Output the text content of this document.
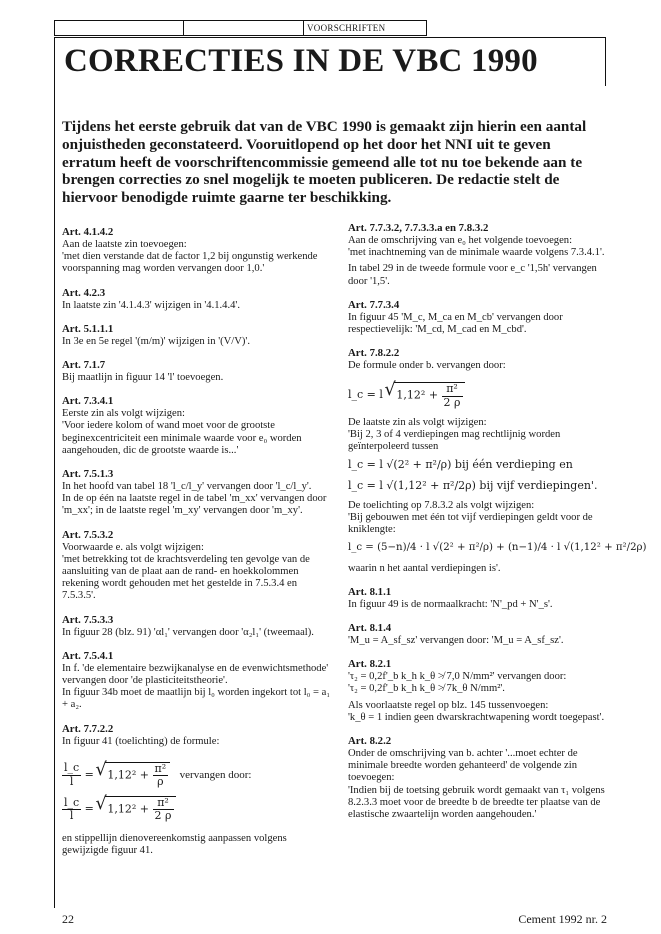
VOORSCHRIFTEN
CORRECTIES IN DE VBC 1990
Tijdens het eerste gebruik dat van de VBC 1990 is gemaakt zijn hierin een aantal onjuistheden geconstateerd. Vooruitlopend op het door het NNI uit te geven erratum heeft de voorschriftencommissie gemeend alle tot nu toe bekende aan te brengen correcties zo snel mogelijk te moeten publiceren. De redactie stelt de hiervoor benodigde ruimte gaarne ter beschikking.
Art. 4.1.4.2

Aan de laatste zin toevoegen:

'met dien verstande dat de factor 1,2 bij ongunstig werkende voorspanning mag worden vervangen door 1,0.'

Art. 4.2.3

In laatste zin '4.1.4.3' wijzigen in '4.1.4.4'.

Art. 5.1.1.1

In 3e en 5e regel '(m/m)' wijzigen in '(V/V)'.

Art. 7.1.7

Bij maatlijn in figuur 14 'l' toevoegen.

Art. 7.3.4.1

Eerste zin als volgt wijzigen:

'Voor iedere kolom of wand moet voor de grootste beginexcentriciteit een minimale waarde voor e₀ worden aangehouden, dic de grootste waarde is...'

Art. 7.5.1.3

In het hoofd van tabel 18 'l_c/l_y' vervangen door 'l_c/l_y'.

In de op één na laatste regel in de tabel 'm_xx' vervangen door 'm_xx'; in de laatste regel 'm_xy' vervangen door 'm_xy'.

Art. 7.5.3.2

Voorwaarde e. als volgt wijzigen:

'met betrekking tot de krachtsverdeling ten gevolge van de aansluiting van de plaat aan de rand- en hoekkolommen rekening wordt gehouden met het gestelde in 7.5.3.4 en 7.5.3.5'.

Art. 7.5.3.3

In figuur 28 (blz. 91) 'αl₁' vervangen door 'α₂l₁' (tweemaal).

Art. 7.5.4.1

In f. 'de elementaire bezwijkanalyse en de evenwichtsmethode' vervangen door 'de plasticiteitstheorie'.

In figuur 34b moet de maatlijn bij l₀ worden ingekort tot l₀ = a₁ + a₂.

Art. 7.7.2.2

In figuur 41 (toelichting) de formule:

$\frac{l\_c}{l}$ = √ $1,12^2 + \frac{\text{π²}}{\rho}$ vervangen door:
$\frac{l\_c}{l}$ = √ $1,12^2 + \frac{\text{π²}}{2 \rho}$

en stippellijn dienovereenkomstig aanpassen volgens gewijzigde figuur 41.

Art. 7.7.3.2, 7.7.3.3.a en 7.8.3.2

Aan de omschrijving van e₀ het volgende toevoegen:

'met inachtneming van de minimale waarde volgens 7.3.4.1'.

In tabel 29 in de tweede formule voor e_c '1,5h' vervangen door '1,5'.

Art. 7.7.3.4

In figuur 45 'M_c, M_ca en M_cb' vervangen door respectievelijk: 'M_cd, M_cad en M_cbd'.

Art. 7.8.2.2

De formule onder b. vervangen door:

l_c = l √ $1,12^2 + \frac{\text{π²}}{2 \rho}$

De laatste zin als volgt wijzigen:

'Bij 2, 3 of 4 verdiepingen mag rechtlijnig worden geïnterpoleerd tussen

l_c = l √(2² + π²/ρ) bij één verdieping en
l_c = l √(1,12² + π²/2ρ) bij vijf verdiepingen'.

De toelichting op 7.8.3.2 als volgt wijzigen:

'Bij gebouwen met één tot vijf verdiepingen geldt voor de kniklengte:

l_c = (5−n)/4 · l √(2² + π²/ρ) + (n−1)/4 · l √(1,12² + π²/2ρ)

waarin n het aantal verdiepingen is'.

Art. 8.1.1

In figuur 49 is de normaalkracht: 'N'_pd + N'_s'.

Art. 8.1.4

'M_u = A_sf_sz' vervangen door: 'M_u = A_sf_sz'.

Art. 8.2.1

'τ₂ = 0,2f'_b k_h k_θ ≯ 7,0 N/mm²' vervangen door:

'τ₂ = 0,2f'_b k_h k_θ ≯ 7k_θ N/mm²'.

Als voorlaatste regel op blz. 145 tussenvoegen:

'k_θ = 1 indien geen dwarskrachtwapening wordt toegepast'.

Art. 8.2.2

Onder de omschrijving van b. achter '...moet echter de minimale breedte worden gehanteerd' de volgende zin toevoegen:

'Indien bij de toetsing gebruik wordt gemaakt van τ₁ volgens 8.2.3.3 moet voor de breedte b de breedte ter plaatse van de elastische zwaartelijn worden aangehouden.'

22	Cement 1992 nr. 2
